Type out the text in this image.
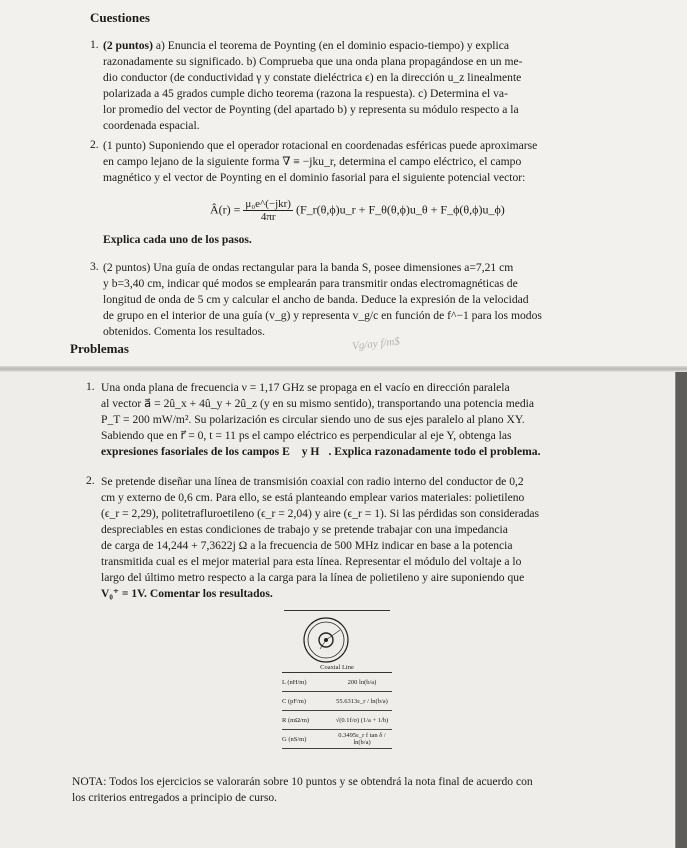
Cuestiones
1. (2 puntos) a) Enuncia el teorema de Poynting (en el dominio espacio-tiempo) y explica
razonadamente su significado. b) Comprueba que una onda plana propagándose en un me-
dio conductor (de conductividad γ y constate dieléctrica ϵ) en la dirección u_z linealmente
polarizada a 45 grados cumple dicho teorema (razona la respuesta). c) Determina el va-
lor promedio del vector de Poynting (del apartado b) y representa su módulo respecto a la
coordenada espacial.
2. (1 punto) Suponiendo que el operador rotacional en coordenadas esféricas puede aproximarse
en campo lejano de la siguiente forma ∇ ≡ −jku_r, determina el campo eléctrico, el campo
magnético y el vector de Poynting en el dominio fasorial para el siguiente potencial vector:
Â(r) = $\frac{\text{μ₀e\textasciicircum{}(−jkr)}}{4\pi r}$ (F_r(θ,ϕ)u_r + F_θ(θ,ϕ)u_θ + F_ϕ(θ,ϕ)u_ϕ)
Explica cada uno de los pasos.
3. (2 puntos) Una guía de ondas rectangular para la banda S, posee dimensiones a=7,21 cm
y b=3,40 cm, indicar qué modos se emplearán para transmitir ondas electromagnéticas de
longitud de onda de 5 cm y calcular el ancho de banda. Deduce la expresión de la velocidad
de grupo en el interior de una guía (v_g) y representa v_g/c en función de f^−1 para los modos
obtenidos. Comenta los resultados.
Problemas	Vg/ay f/m$
1. Una onda plana de frecuencia ν = 1,17 GHz se propaga en el vacío en dirección paralela
al vector a⃗ = 2û_x + 4û_y + 2û_z (y en su mismo sentido), transportando una potencia media
P_T = 200 mW/m². Su polarización es circular siendo uno de sus ejes paralelo al plano XY.
Sabiendo que en r⃗ = 0, t = 11 ps el campo eléctrico es perpendicular al eje Y, obtenga las
expresiones fasoriales de los campos E⃗ y H⃗. Explica razonadamente todo el problema.
2. Se pretende diseñar una línea de transmisión coaxial con radio interno del conductor de 0,2
cm y externo de 0,6 cm. Para ello, se está planteando emplear varios materiales: polietileno
(ϵ_r = 2,29), politetrafluroetileno (ϵ_r = 2,04) y aire (ϵ_r = 1). Si las pérdidas son consideradas
despreciables en estas condiciones de trabajo y se pretende trabajar con una impedancia
de carga de 14,244 + 7,3622j Ω a la frecuencia de 500 MHz indicar en base a la potencia
transmitida cual es el mejor material para esta línea. Representar el módulo del voltaje a lo
largo del último metro respecto a la carga para la línea de polietileno y aire suponiendo que
V₀⁺ = 1V. Comentar los resultados.
Coaxial Line
L (nH/m)	200 ln(b/a)
C (pF/m)	55.6313ε_r / ln(b/a)
R (mΩ/m)	√(0.1f/σ) (1/a + 1/b)
G (nS/m)	0.3495ε_r f tan δ / ln(b/a)
NOTA: Todos los ejercicios se valorarán sobre 10 puntos y se obtendrá la nota final de acuerdo con
los criterios entregados a principio de curso.
